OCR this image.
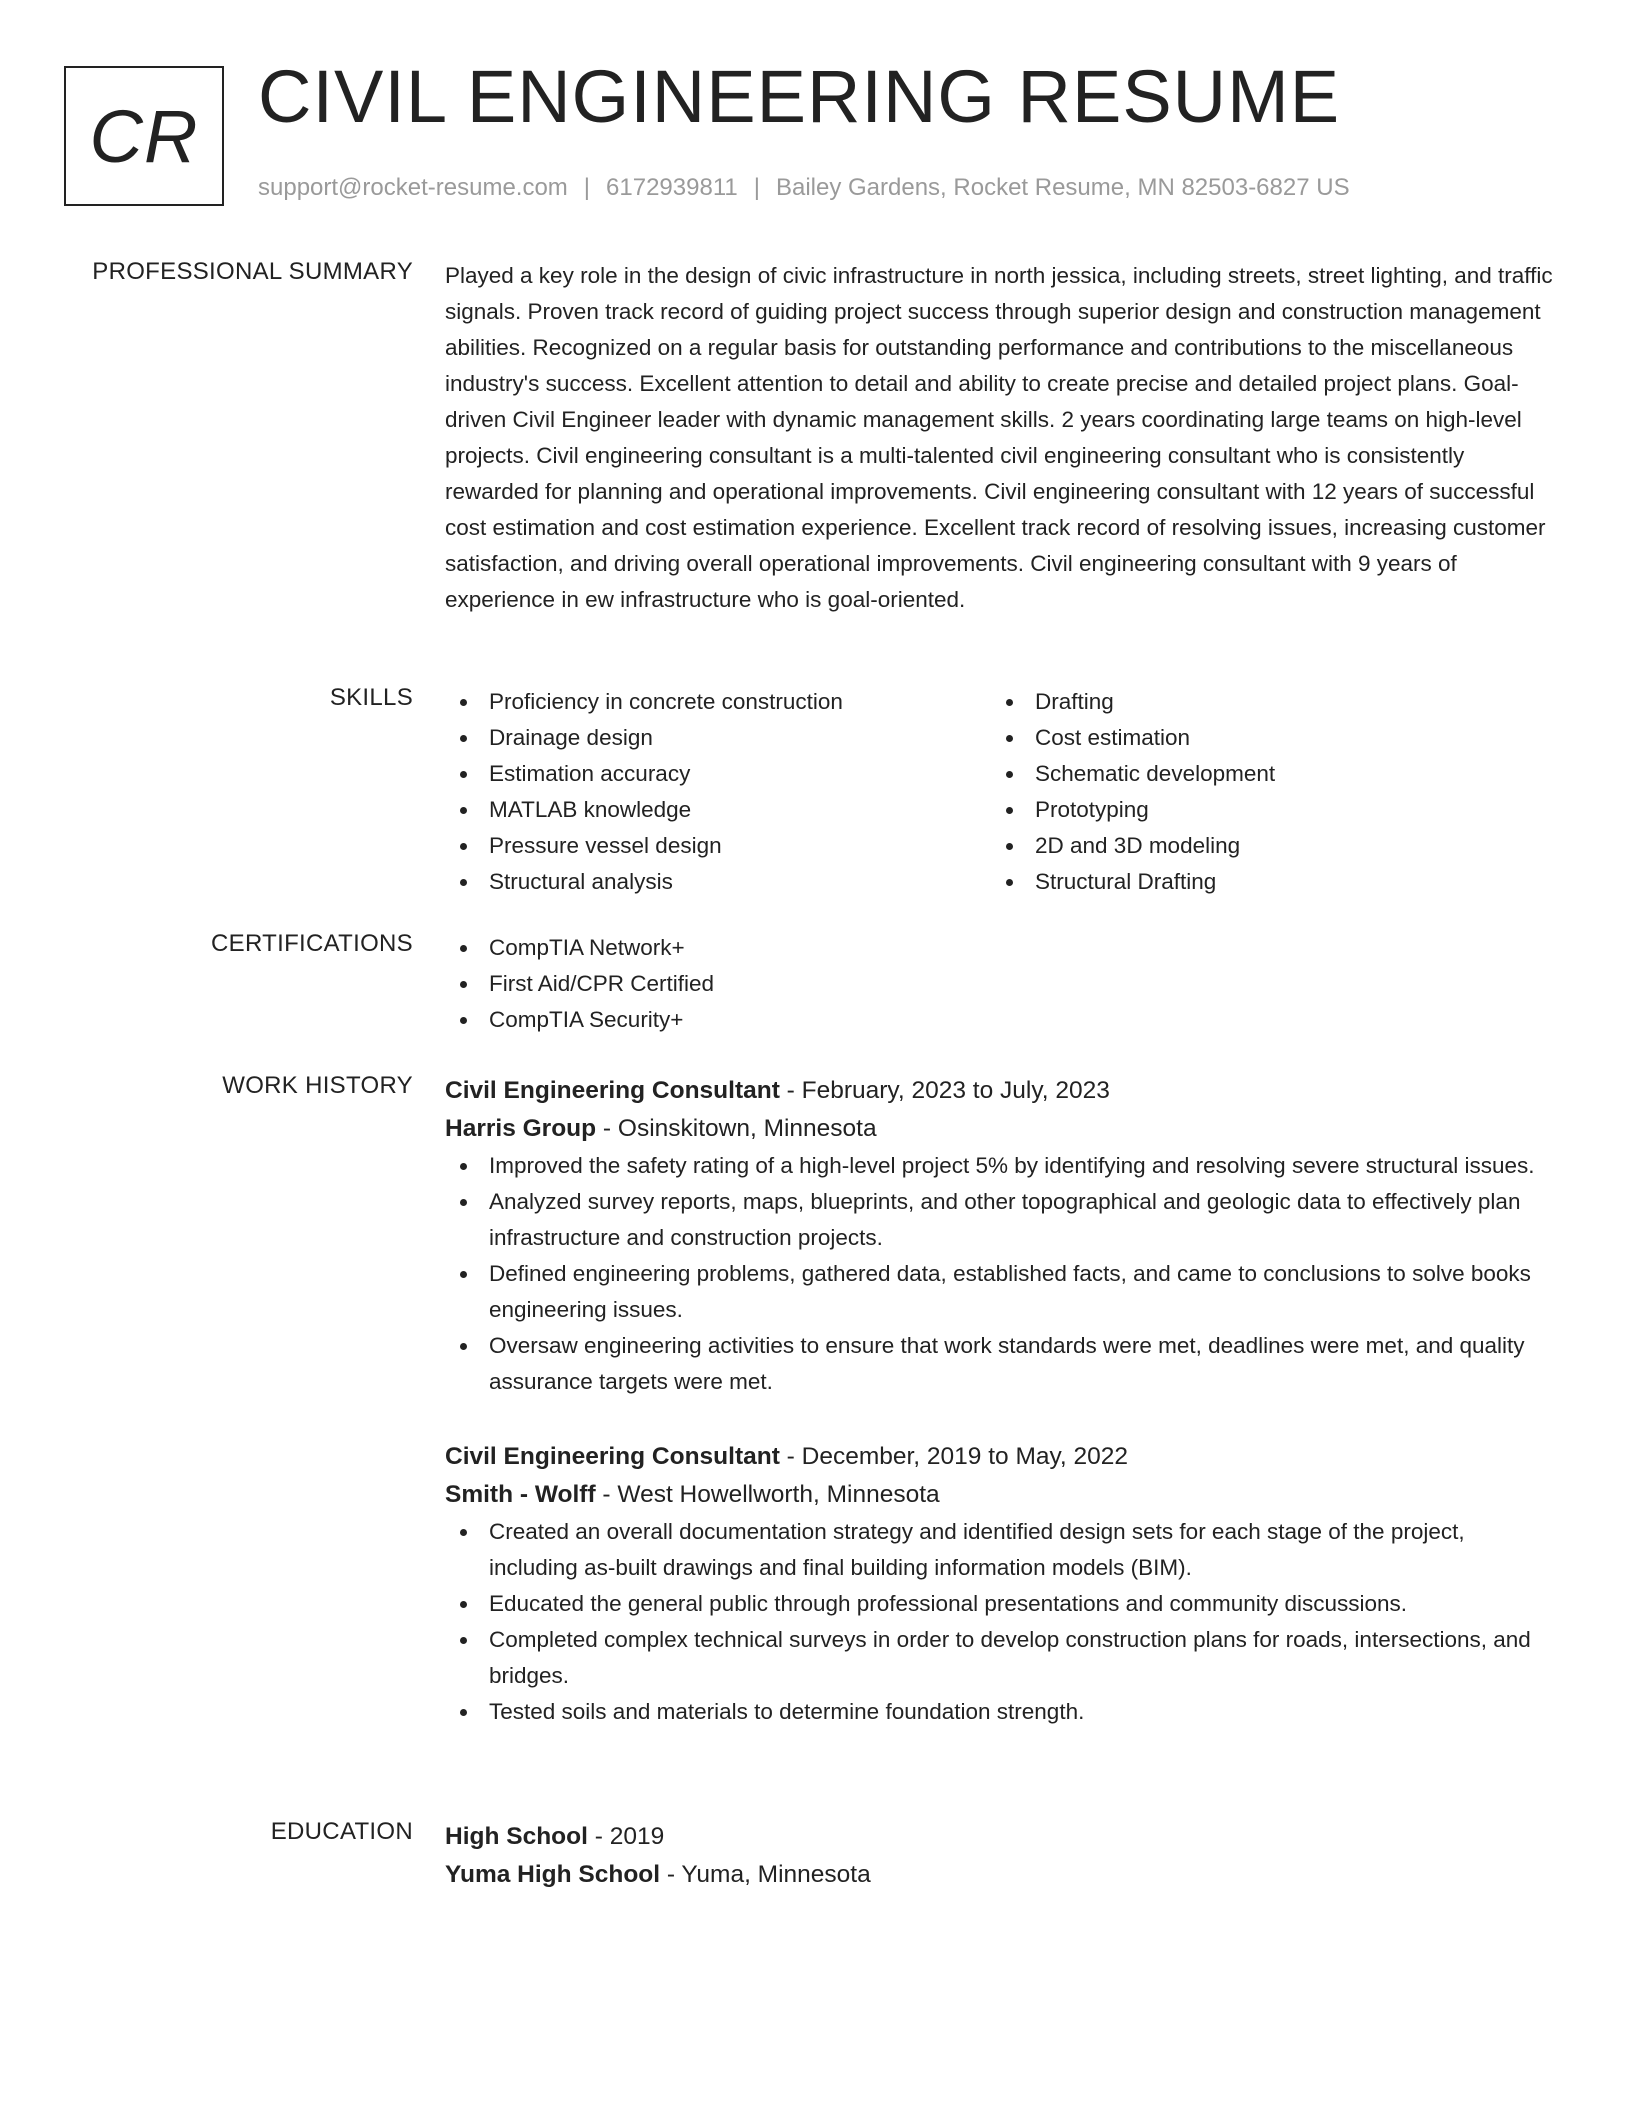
CR CIVIL ENGINEERING RESUME
support@rocket-resume.com | 6172939811 | Bailey Gardens, Rocket Resume, MN 82503-6827 US
PROFESSIONAL SUMMARY Played a key role in the design of civic infrastructure in north jessica, including streets, street lighting, and traffic signals. Proven track record of guiding project success through superior design and construction management abilities. Recognized on a regular basis for outstanding performance and contributions to the miscellaneous industry's success. Excellent attention to detail and ability to create precise and detailed project plans. Goal-driven Civil Engineer leader with dynamic management skills. 2 years coordinating large teams on high-level projects. Civil engineering consultant is a multi-talented civil engineering consultant who is consistently rewarded for planning and operational improvements. Civil engineering consultant with 12 years of successful cost estimation and cost estimation experience. Excellent track record of resolving issues, increasing customer satisfaction, and driving overall operational improvements. Civil engineering consultant with 9 years of experience in ew infrastructure who is goal-oriented.

SKILLS	Proficiency in concrete construction
Drainage design
Estimation accuracy
MATLAB knowledge
Pressure vessel design
Structural analysis
Drafting
Cost estimation
Schematic development
Prototyping
2D and 3D modeling
Structural Drafting
CERTIFICATIONS	CompTIA Network+
First Aid/CPR Certified
CompTIA Security+
WORK HISTORY Civil Engineering Consultant - February, 2023 to July, 2023
Harris Group - Osinskitown, Minnesota
Improved the safety rating of a high-level project 5% by identifying and resolving severe structural issues.
Analyzed survey reports, maps, blueprints, and other topographical and geologic data to effectively plan infrastructure and construction projects.
Defined engineering problems, gathered data, established facts, and came to conclusions to solve books engineering issues.
Oversaw engineering activities to ensure that work standards were met, deadlines were met, and quality assurance targets were met.
Civil Engineering Consultant - December, 2019 to May, 2022
Smith - Wolff - West Howellworth, Minnesota
Created an overall documentation strategy and identified design sets for each stage of the project, including as-built drawings and final building information models (BIM).
Educated the general public through professional presentations and community discussions.
Completed complex technical surveys in order to develop construction plans for roads, intersections, and bridges.
Tested soils and materials to determine foundation strength.
EDUCATION High School - 2019
Yuma High School - Yuma, Minnesota
